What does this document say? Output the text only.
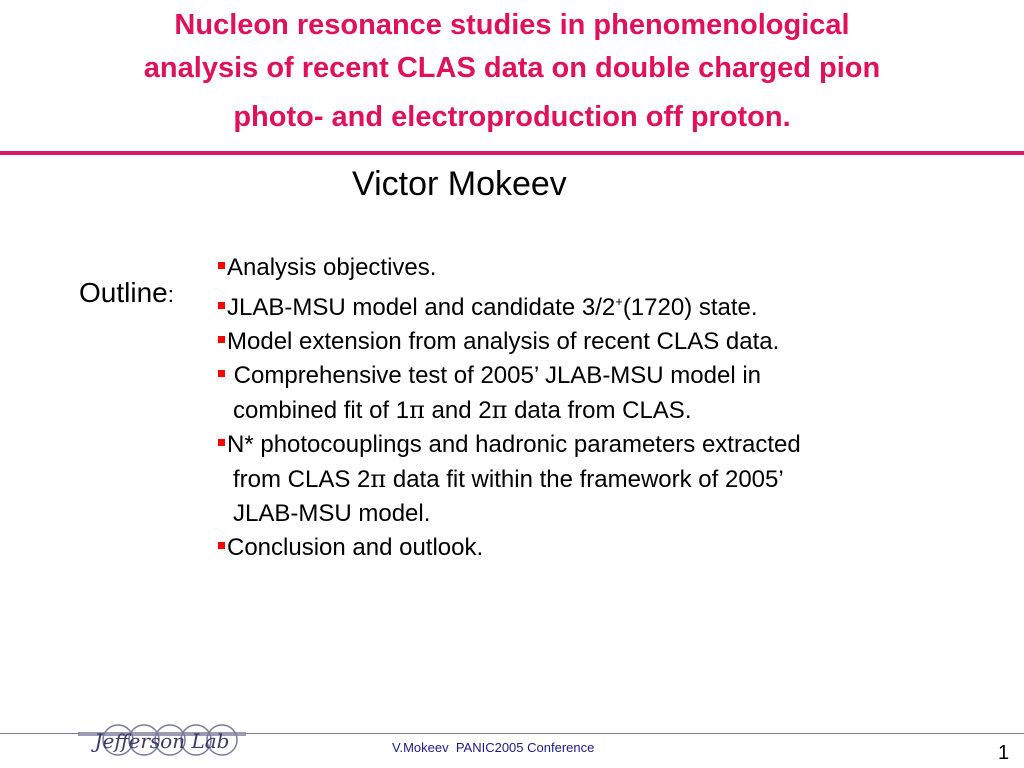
Nucleon resonance studies in phenomenological
analysis of recent CLAS data on double charged pion
photo- and electroproduction off proton.
Victor Mokeev
Outline:
Analysis objectives.
JLAB-MSU model and candidate 3/2+(1720) state.
Model extension from analysis of recent CLAS data.
Comprehensive test of 2005’ JLAB-MSU model in
combined fit of 1π and 2π data from CLAS.
N* photocouplings and hadronic parameters extracted
from CLAS 2π data fit within the framework of 2005’
JLAB-MSU model.
Conclusion and outlook.
Jefferson Lab	V.Mokeev  PANIC2005 Conference	1
